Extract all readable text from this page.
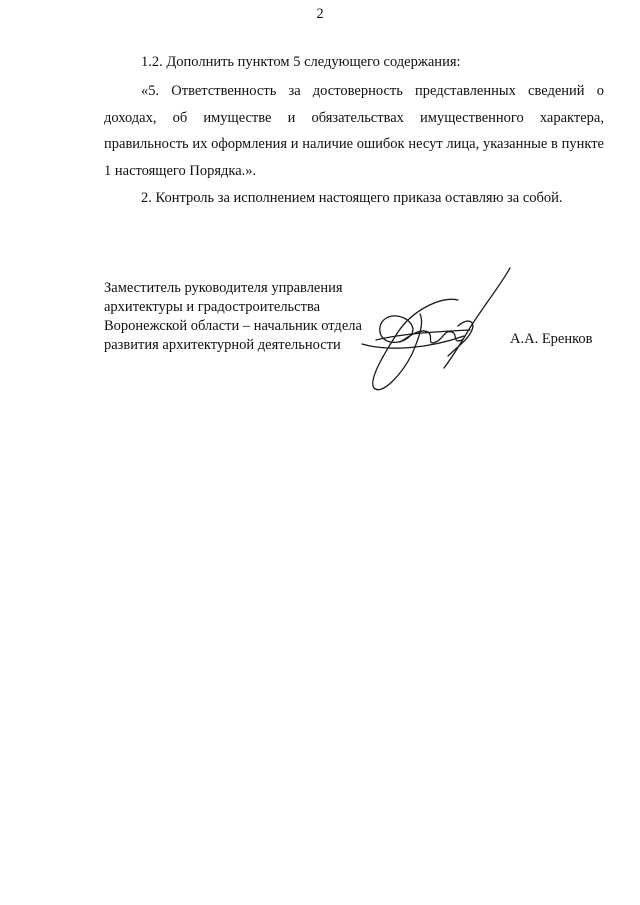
2

1.2. Дополнить пунктом 5 следующего содержания:

«5. Ответственность за достоверность представленных сведений о доходах, об имуществе и обязательствах имущественного характера, правильность их оформления и наличие ошибок несут лица, указанные в пункте 1 настоящего Порядка.».

2. Контроль за исполнением настоящего приказа оставляю за собой.

Заместитель руководителя управления
архитектуры и градостроительства
Воронежской области – начальник отдела
развития архитектурной деятельности	А.А. Еренков
